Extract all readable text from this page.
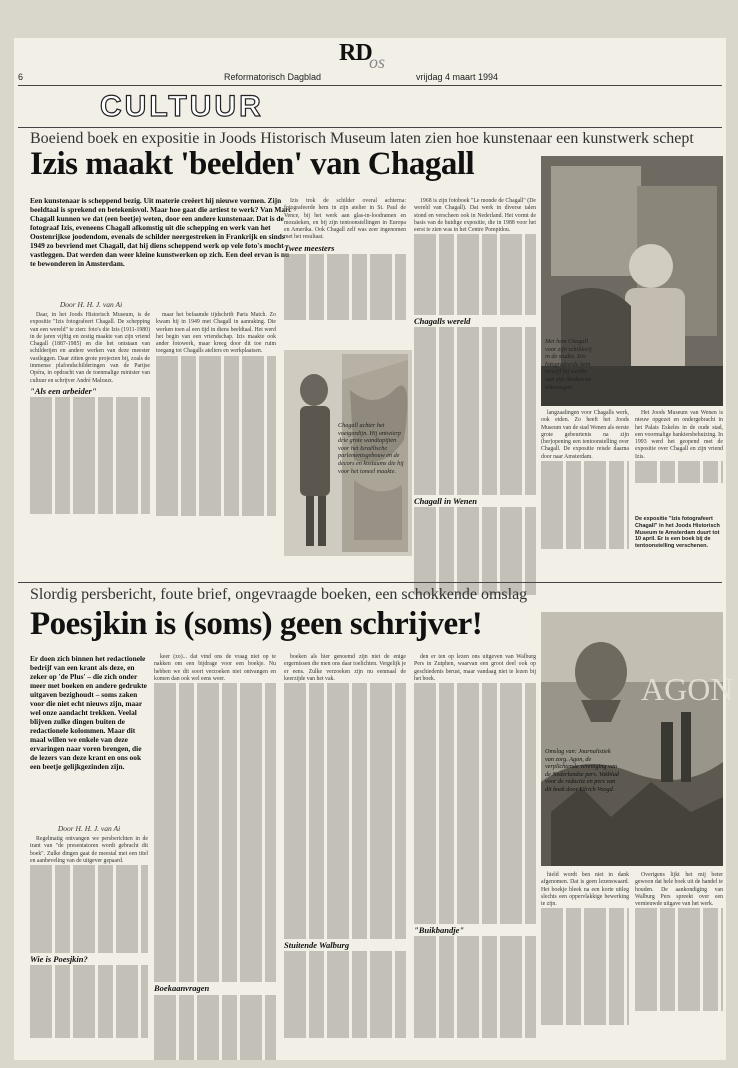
RD
os
6	Reformatorisch Dagblad	vrijdag 4 maart 1994
CULTUUR
Boeiend boek en expositie in Joods Historisch Museum laten zien hoe kunstenaar een kunstwerk schept
Izis maakt 'beelden' van Chagall
Een kunstenaar is scheppend bezig. Uit materie creëert hij nieuwe vormen. Zijn beeldtaal is sprekend en betekenisvol. Maar hoe gaat die artiest te werk? Van Marc Chagall kunnen we dat (een beetje) weten, door een andere kunstenaar. Dat is de fotograaf Izis, eveneens Chagall afkomstig uit die schepping en werk van het Oostenrijkse joodendom, evenals de schilder neergestreken in Frankrijk en sinds 1949 zo bevriend met Chagall, dat hij diens scheppend werk op vele foto's mocht vastleggen. Dat werden dan weer kleine kunstwerken op zich. Een deel ervan is nu te bewonderen in Amsterdam.
Door H. H. J. van Ai

Daar, in het Joods Historisch Museum, is de expositie "Izis fotografeert Chagall. De schepping van een wereld" te zien: foto's die Izis (1911-1980) in de jaren vijftig en zestig maakte van zijn vriend Chagall (1887-1985) en die het ontstaan van schilderijen en andere werken van deze meester vastleggen. Daar zitten grote projecten bij, zoals de immense plafondschilderingen van de Parijse Opéra, in opdracht van de toenmalige minister van cultuur en schrijver André Malraux.

"Als een arbeider"

maar het befaamde tijdschrift Paris Match. Zo kwam hij in 1949 met Chagall in aanraking. Die werken toen al een tijd in diens beeldtaal. Het werd het begin van een vriendschap. Izis maakte ook ander fotowerk, maar kreeg door dit toe ruim toegang tot Chagalls ateliers en werkplaatsen.

Izis trok de schilder overal achterna: fotografeerde hem in zijn atelier in St. Paul de Vence, bij het werk aan glas-in-loodramen en mozaïeken, en bij zijn tentoonstellingen in Europa en Amerika. Ook Chagall zelf was zeer ingenomen met het resultaat.

Twee meesters
Chagall achter het voetgordijn. Hij ontwierp drie grote wandtapijten voor het Israëlische parlementsgebouw en de decors en kostuums die hij voor het toneel maakte.

1968 is zijn fotoboek "Le monde de Chagall" (De wereld van Chagall). Dat werk in diverse talen stond en verscheen ook in Nederland. Het vormt de basis van de huidige expositie, die in 1988 voor het eerst te zien was in het Centre Pompidou.

Chagalls wereld
Chagall in Wenen
Met hem Chagall voor zijn schilderij in de studio. Izis fotografeerde hem terwijl hij werkte aan zijn doeken en tekeningen.

langzaalingen voor Chagalls werk, ook eiden. Zo heeft het Joods Museum van de stad Wenen als eerste grote gebeurtenis na zijn (her)opening een tentoonstelling over Chagall. De expositie reisde daarna door naar Amsterdam.

Het Joods Museum van Wenen is nieuw opgezet en ondergebracht in het Palais Eskeles in de oude stad, een voormalige bankiersbehuizing. In 1993 werd het geopend met de expositie over Chagall en zijn vriend Izis.

De expositie "Izis fotografeert Chagall" in het Joods Historisch Museum te Amsterdam duurt tot 10 april. Er is een boek bij de tentoonstelling verschenen.
Slordig persbericht, foute brief, ongevraagde boeken, een schokkende omslag
Poesjkin is (soms) geen schrijver!
Er doen zich binnen het redactionele bedrijf van een krant als deze, en zeker op 'de Plus' – die zich onder meer met boeken en andere gedrukte uitgaven bezighoudt – soms zaken voor die niet echt nieuws zijn, maar wel onze aandacht trekken. Veelal blijven zulke dingen buiten de redactionele kolommen. Maar dit maal willen we enkele van deze ervaringen naar voren brengen, die de lezers van deze krant en ons ook een beetje gelijkgezinden zijn.
Door H. H. J. van Ai

Regelmatig ontvangen we persberichten in de trant van "de presentatoren wordt gebracht dit boek". Zulke dingen gaat de meestal met een titel en aanbeveling van de uitgever gepaard.

Wie is Poesjkin?

keer (zo)... dat vind ons de vraag niet op te nakken om een bijdrage voor een boekje. Nu hebben we dit soort verzoeken niet ontvangen en komen dan ook wel eens weer.

Boekaanvragen

boeken als hier genoemd zijn niet de enige ergernissen die men ons daar toelichten. Vergelijk je er eens. Zulke verzoeken zijn nu eenmaal de keerzijde van het vak.

Stuitende Walburg

den er ten op lezen ons uitgeven van Walburg Pers in Zutphen, waarvan een groot deel ook op geschiedenis berust, maar vandaag niet te lezen bij het boek.

"Buikbandje"
AGON
Omslag van: Journalistiek van zorg. Agon, de verplichtende vereniging van de Nederlandse pers. Vakblad voor de redactie en pers van dit boek door Ulrich Voogd.

hield wordt ben niet in dank afgenomen. Dat is geen lezenswaard. Het boekje bleek na een korte uitleg slechts een oppervlakkige bewerking te zijn.

Overigens lijkt het mij beter gewoon dat hele boek uit de handel te houden. De aankondiging van Walburg Pers spreekt over een vernieuwde uitgave van het werk.
